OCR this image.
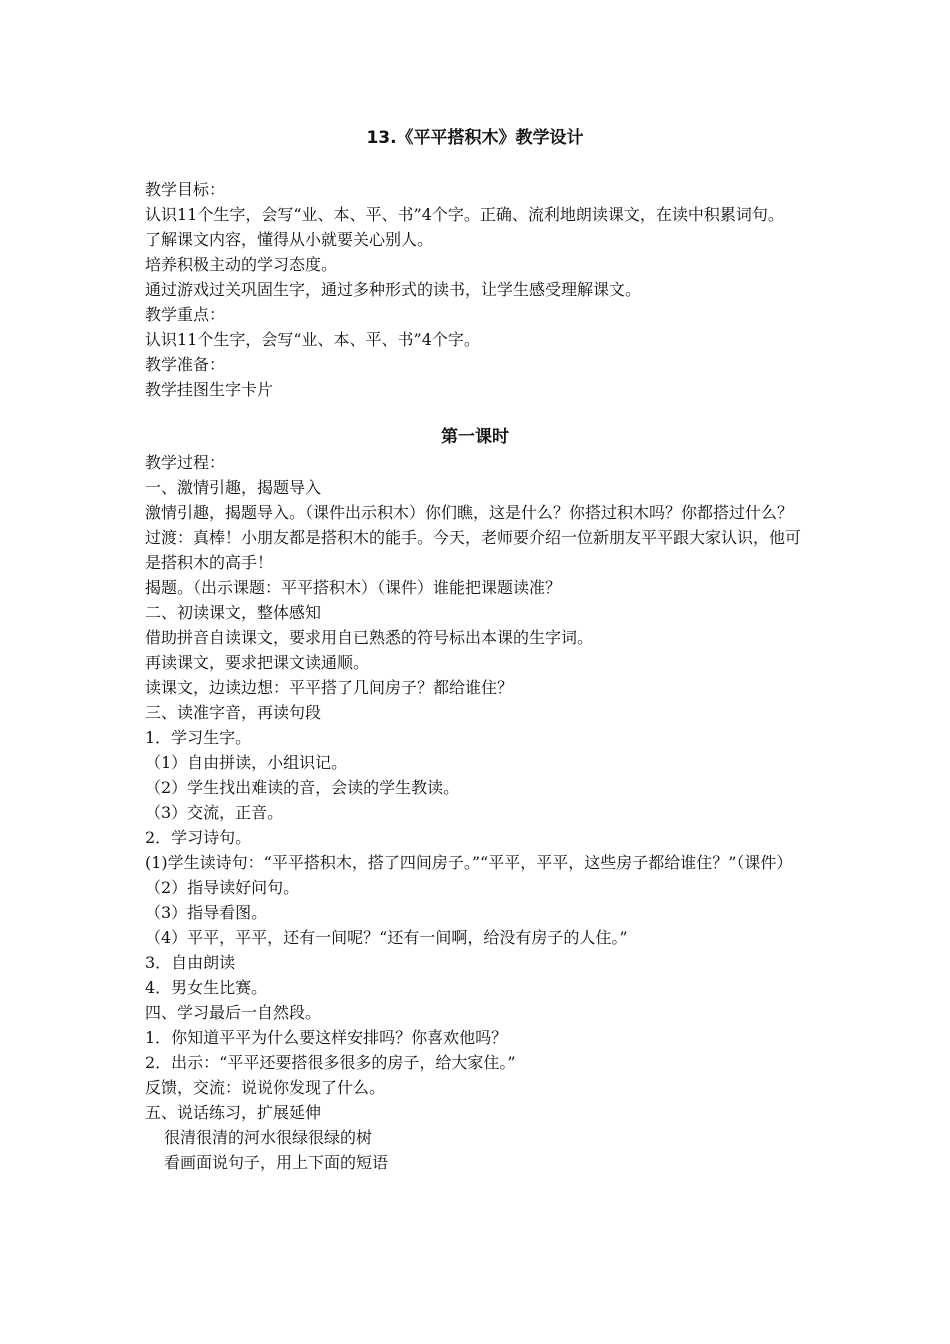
13.《平平搭积木》教学设计

教学目标：

认识11个生字，会写“业、本、平、书”4个字。正确、流利地朗读课文，在读中积累词句。

了解课文内容，懂得从小就要关心别人。

培养积极主动的学习态度。

通过游戏过关巩固生字，通过多种形式的读书，让学生感受理解课文。

教学重点：

认识11个生字，会写“业、本、平、书”4个字。

教学准备：

教学挂图生字卡片

第一课时

教学过程：

一、激情引趣，揭题导入

激情引趣，揭题导入。（课件出示积木）你们瞧，这是什么？你搭过积木吗？你都搭过什么？

过渡：真棒！小朋友都是搭积木的能手。今天，老师要介绍一位新朋友平平跟大家认识，他可是搭积木的高手！

揭题。（出示课题：平平搭积木）（课件）谁能把课题读准？

二、初读课文，整体感知

借助拼音自读课文，要求用自已熟悉的符号标出本课的生字词。

再读课文，要求把课文读通顺。

读课文，边读边想：平平搭了几间房子？都给谁住？

三、读准字音，再读句段

1．学习生字。

（1）自由拼读，小组识记。

（2）学生找出难读的音，会读的学生教读。

（3）交流，正音。

2．学习诗句。

(1)学生读诗句：“平平搭积木，搭了四间房子。”“平平，平平，这些房子都给谁住？”（课件）

（2）指导读好问句。

（3）指导看图。

（4）平平，平平，还有一间呢？“还有一间啊，给没有房子的人住。”

3．自由朗读

4．男女生比赛。

四、学习最后一自然段。

1．你知道平平为什么要这样安排吗？你喜欢他吗？

2．出示：“平平还要搭很多很多的房子，给大家住。”

反馈，交流：说说你发现了什么。

五、说话练习，扩展延伸

很清很清的河水很绿很绿的树

看画面说句子，用上下面的短语
